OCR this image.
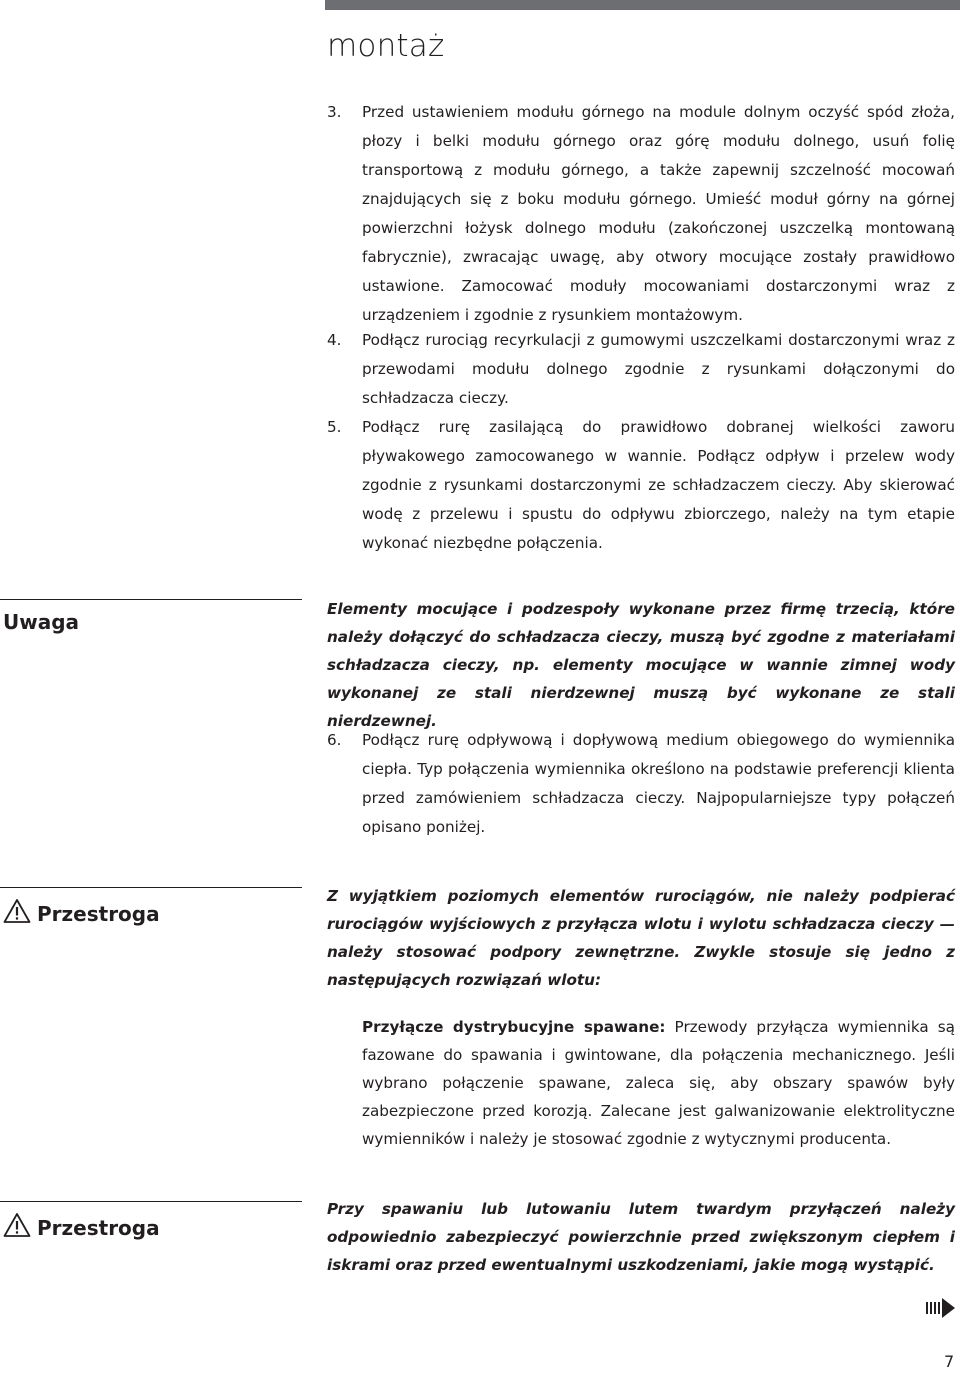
montaż
3. Przed ustawieniem modułu górnego na module dolnym oczyść spód złoża, płozy i belki modułu górnego oraz górę modułu dolnego, usuń folię transportową z modułu górnego, a także zapewnij szczelność mocowań znajdujących się z boku modułu górnego. Umieść moduł górny na górnej powierzchni łożysk dolnego modułu (zakończonej uszczelką montowaną fabrycznie), zwracając uwagę, aby otwory mocujące zostały prawidłowo ustawione. Zamocować moduły mocowaniami dostarczonymi wraz z urządzeniem i zgodnie z rysunkiem montażowym.
4. Podłącz rurociąg recyrkulacji z gumowymi uszczelkami dostarczonymi wraz z przewodami modułu dolnego zgodnie z rysunkami dołączonymi do schładzacza cieczy.
5. Podłącz rurę zasilającą do prawidłowo dobranej wielkości zaworu pływakowego zamocowanego w wannie. Podłącz odpływ i przelew wody zgodnie z rysunkami dostarczonymi ze schładzaczem cieczy. Aby skierować wodę z przelewu i spustu do odpływu zbiorczego, należy na tym etapie wykonać niezbędne połączenia.
Uwaga
Elementy mocujące i podzespoły wykonane przez firmę trzecią, które należy dołączyć do schładzacza cieczy, muszą być zgodne z materiałami schładzacza cieczy, np. elementy mocujące w wannie zimnej wody wykonanej ze stali nierdzewnej muszą być wykonane ze stali nierdzewnej.
6. Podłącz rurę odpływową i dopływową medium obiegowego do wymiennika ciepła. Typ połączenia wymiennika określono na podstawie preferencji klienta przed zamówieniem schładzacza cieczy. Najpopularniejsze typy połączeń opisano poniżej.
Przestroga
Z wyjątkiem poziomych elementów rurociągów, nie należy podpierać rurociągów wyjściowych z przyłącza wlotu i wylotu schładzacza cieczy — należy stosować podpory zewnętrzne. Zwykle stosuje się jedno z następujących rozwiązań wlotu:
Przyłącze dystrybucyjne spawane: Przewody przyłącza wymiennika są fazowane do spawania i gwintowane, dla połączenia mechanicznego. Jeśli wybrano połączenie spawane, zaleca się, aby obszary spawów były zabezpieczone przed korozją. Zalecane jest galwanizowanie elektrolityczne wymienników i należy je stosować zgodnie z wytycznymi producenta.
Przestroga
Przy spawaniu lub lutowaniu lutem twardym przyłączeń należy odpowiednio zabezpieczyć powierzchnie przed zwiększonym ciepłem i iskrami oraz przed ewentualnymi uszkodzeniami, jakie mogą wystąpić.
7
